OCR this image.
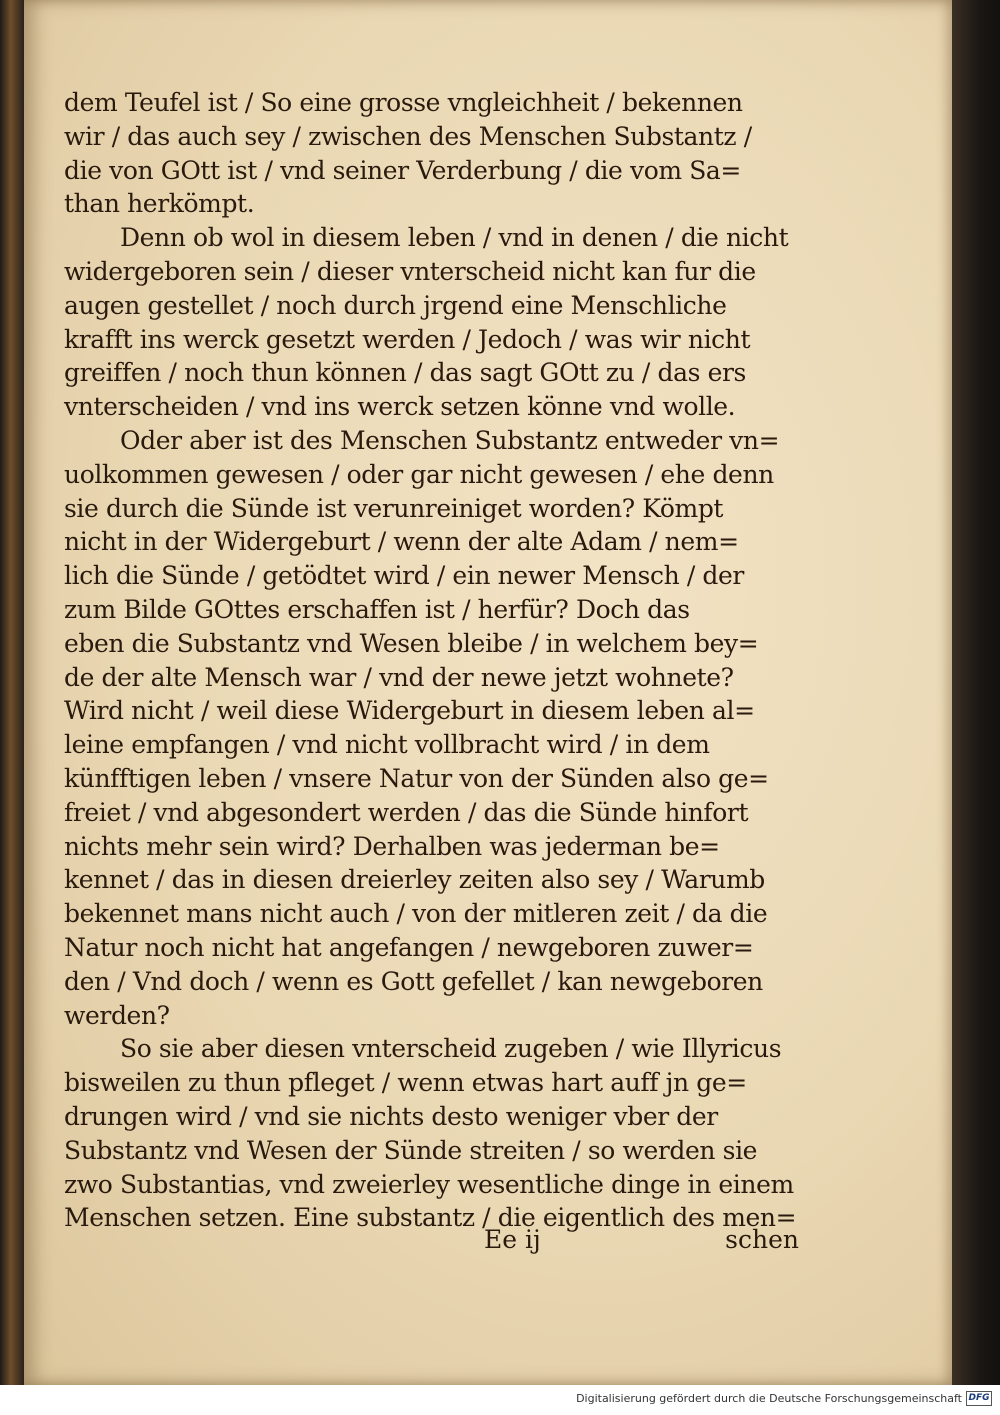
dem Teufel ist / So eine grosse vngleichheit / bekennen
wir / das auch sey / zwischen des Menschen Substantz /
die von GOtt ist / vnd seiner Verderbung / die vom Sa=
than herkömpt.
Denn ob wol in diesem leben / vnd in denen / die nicht
widergeboren sein / dieser vnterscheid nicht kan fur die
augen gestellet / noch durch jrgend eine Menschliche
krafft ins werck gesetzt werden / Jedoch / was wir nicht
greiffen / noch thun können / das sagt GOtt zu / das ers
vnterscheiden / vnd ins werck setzen könne vnd wolle.
Oder aber ist des Menschen Substantz entweder vn=
uolkommen gewesen / oder gar nicht gewesen / ehe denn
sie durch die Sünde ist verunreiniget worden? Kömpt
nicht in der Widergeburt / wenn der alte Adam / nem=
lich die Sünde / getödtet wird / ein newer Mensch / der
zum Bilde GOttes erschaffen ist / herfür? Doch das
eben die Substantz vnd Wesen bleibe / in welchem bey=
de der alte Mensch war / vnd der newe jetzt wohnete?
Wird nicht / weil diese Widergeburt in diesem leben al=
leine empfangen / vnd nicht vollbracht wird / in dem
künfftigen leben / vnsere Natur von der Sünden also ge=
freiet / vnd abgesondert werden / das die Sünde hinfort
nichts mehr sein wird? Derhalben was jederman be=
kennet / das in diesen dreierley zeiten also sey / Warumb
bekennet mans nicht auch / von der mitleren zeit / da die
Natur noch nicht hat angefangen / newgeboren zuwer=
den / Vnd doch / wenn es Gott gefellet / kan newgeboren
werden?
So sie aber diesen vnterscheid zugeben / wie Illyricus
bisweilen zu thun pfleget / wenn etwas hart auff jn ge=
drungen wird / vnd sie nichts desto weniger vber der
Substantz vnd Wesen der Sünde streiten / so werden sie
zwo Substantias, vnd zweierley wesentliche dinge in einem
Menschen setzen. Eine substantz / die eigentlich des men=
Ee ij	schen
Digitalisierung gefördert durch die Deutsche Forschungsgemeinschaft DFG
